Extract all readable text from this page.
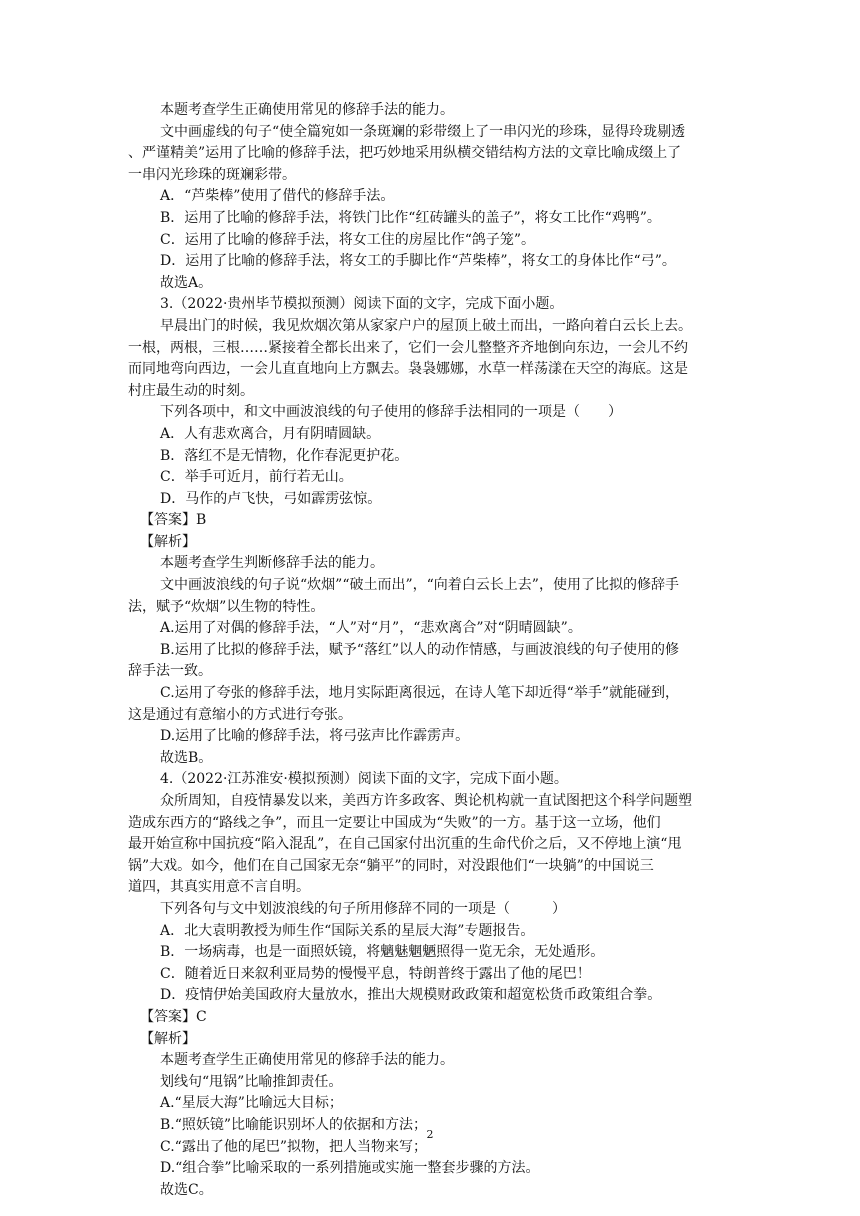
本题考查学生正确使用常见的修辞手法的能力。
文中画虚线的句子“使全篇宛如一条斑斓的彩带缀上了一串闪光的珍珠，显得玲珑剔透
、严谨精美”运用了比喻的修辞手法，把巧妙地采用纵横交错结构方法的文章比喻成缀上了
一串闪光珍珠的斑斓彩带。
A．“芦柴棒”使用了借代的修辞手法。
B．运用了比喻的修辞手法，将铁门比作“红砖罐头的盖子”，将女工比作“鸡鸭”。
C．运用了比喻的修辞手法，将女工住的房屋比作“鸽子笼”。
D．运用了比喻的修辞手法，将女工的手脚比作“芦柴棒”，将女工的身体比作“弓”。
故选A。
3.（2022·贵州毕节模拟预测）阅读下面的文字，完成下面小题。
早晨出门的时候，我见炊烟次第从家家户户的屋顶上破土而出，一路向着白云长上去。
一根，两根，三根……紧接着全都长出来了，它们一会儿整整齐齐地倒向东边，一会儿不约
而同地弯向西边，一会儿直直地向上方飘去。袅袅娜娜，水草一样荡漾在天空的海底。这是
村庄最生动的时刻。
下列各项中，和文中画波浪线的句子使用的修辞手法相同的一项是（　　）
A．人有悲欢离合，月有阴晴圆缺。
B．落红不是无情物，化作春泥更护花。
C．举手可近月，前行若无山。
D．马作的卢飞快，弓如霹雳弦惊。
【答案】B
【解析】
本题考查学生判断修辞手法的能力。
文中画波浪线的句子说“炊烟”“破土而出”，“向着白云长上去”，使用了比拟的修辞手
法，赋予“炊烟”以生物的特性。
A.运用了对偶的修辞手法，“人”对“月”，“悲欢离合”对“阴晴圆缺”。
B.运用了比拟的修辞手法，赋予“落红”以人的动作情感，与画波浪线的句子使用的修
辞手法一致。
C.运用了夸张的修辞手法，地月实际距离很远，在诗人笔下却近得“举手”就能碰到，
这是通过有意缩小的方式进行夸张。
D.运用了比喻的修辞手法，将弓弦声比作霹雳声。
故选B。
4.（2022·江苏淮安·模拟预测）阅读下面的文字，完成下面小题。
众所周知，自疫情暴发以来，美西方许多政客、舆论机构就一直试图把这个科学问题塑
造成东西方的“路线之争”，而且一定要让中国成为“失败”的一方。基于这一立场，他们
最开始宣称中国抗疫“陷入混乱”，在自己国家付出沉重的生命代价之后，又不停地上演“甩
锅”大戏。如今，他们在自己国家无奈“躺平”的同时，对没跟他们“一块躺”的中国说三
道四，其真实用意不言自明。
下列各句与文中划波浪线的句子所用修辞不同的一项是（　　　）
A．北大袁明教授为师生作“国际关系的星辰大海”专题报告。
B．一场病毒，也是一面照妖镜，将魑魅魍魉照得一览无余，无处遁形。
C．随着近日来叙利亚局势的慢慢平息，特朗普终于露出了他的尾巴！
D．疫情伊始美国政府大量放水，推出大规模财政政策和超宽松货币政策组合拳。
【答案】C
【解析】
本题考查学生正确使用常见的修辞手法的能力。
划线句“甩锅”比喻推卸责任。
A.“星辰大海”比喻远大目标；
B.“照妖镜”比喻能识别坏人的依据和方法；
C.“露出了他的尾巴”拟物，把人当物来写；
D.“组合拳”比喻采取的一系列措施或实施一整套步骤的方法。
故选C。
2
